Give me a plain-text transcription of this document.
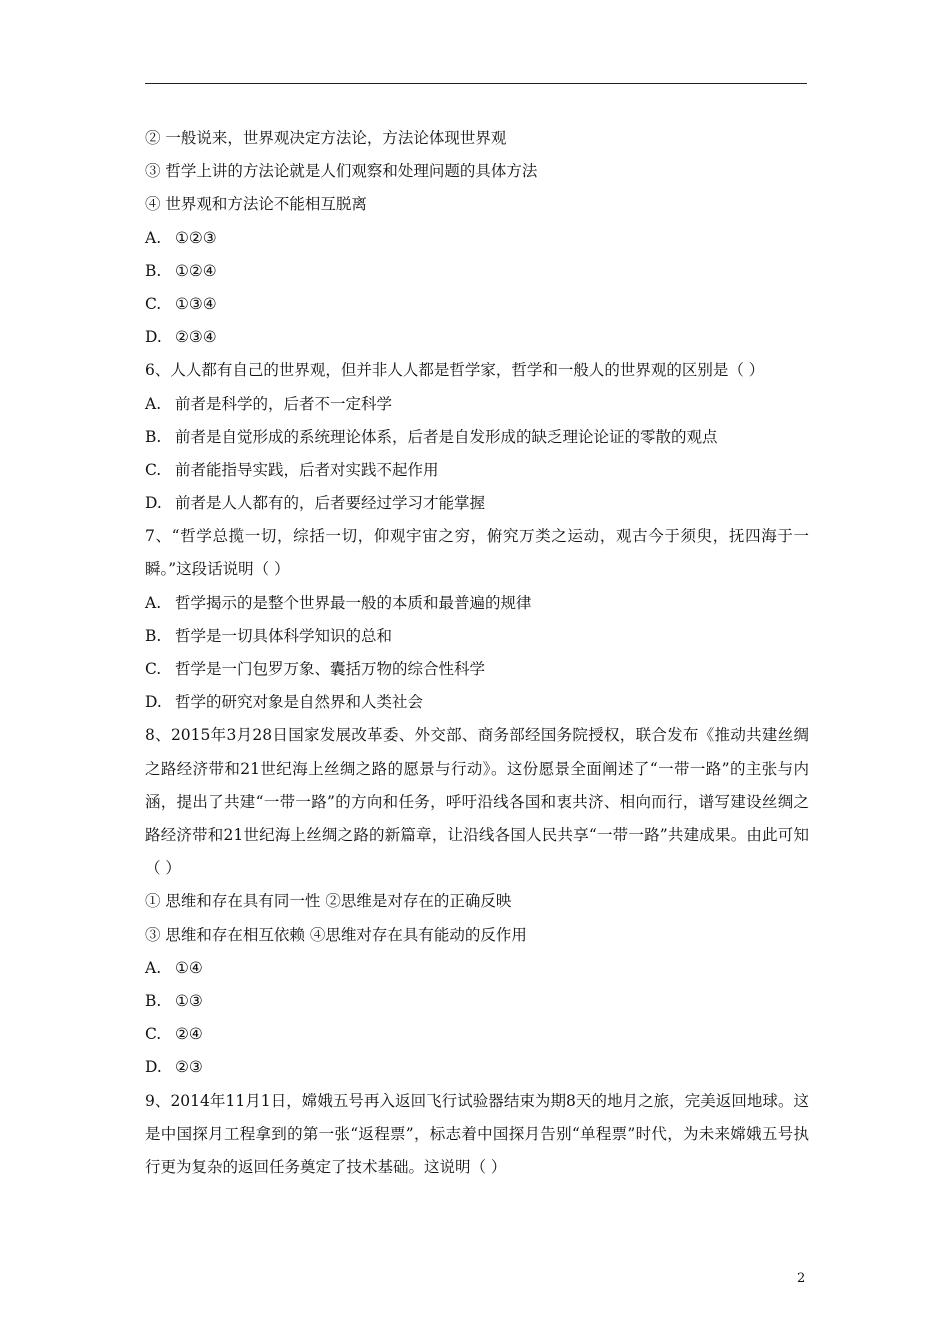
② 一般说来，世界观决定方法论，方法论体现世界观
③ 哲学上讲的方法论就是人们观察和处理问题的具体方法
④ 世界观和方法论不能相互脱离
A. ①②③
B. ①②④
C. ①③④
D. ②③④
6、人人都有自己的世界观，但并非人人都是哲学家，哲学和一般人的世界观的区别是（ ）
A. 前者是科学的，后者不一定科学
B. 前者是自觉形成的系统理论体系，后者是自发形成的缺乏理论论证的零散的观点
C. 前者能指导实践，后者对实践不起作用
D. 前者是人人都有的，后者要经过学习才能掌握
7、“哲学总揽一切，综括一切，仰观宇宙之穷，俯究万类之运动，观古今于须臾，抚四海于一瞬。”这段话说明（ ）
A. 哲学揭示的是整个世界最一般的本质和最普遍的规律
B. 哲学是一切具体科学知识的总和
C. 哲学是一门包罗万象、囊括万物的综合性科学
D. 哲学的研究对象是自然界和人类社会
8、2015年3月28日国家发展改革委、外交部、商务部经国务院授权，联合发布《推动共建丝绸之路经济带和21世纪海上丝绸之路的愿景与行动》。这份愿景全面阐述了“一带一路”的主张与内涵，提出了共建“一带一路”的方向和任务，呼吁沿线各国和衷共济、相向而行，谱写建设丝绸之路经济带和21世纪海上丝绸之路的新篇章，让沿线各国人民共享“一带一路”共建成果。由此可知（ ）
① 思维和存在具有同一性 ②思维是对存在的正确反映
③ 思维和存在相互依赖 ④思维对存在具有能动的反作用
A. ①④
B. ①③
C. ②④
D. ②③
9、2014年11月1日，嫦娥五号再入返回飞行试验器结束为期8天的地月之旅，完美返回地球。这是中国探月工程拿到的第一张“返程票”，标志着中国探月告别“单程票”时代，为未来嫦娥五号执行更为复杂的返回任务奠定了技术基础。这说明（ ）
2
